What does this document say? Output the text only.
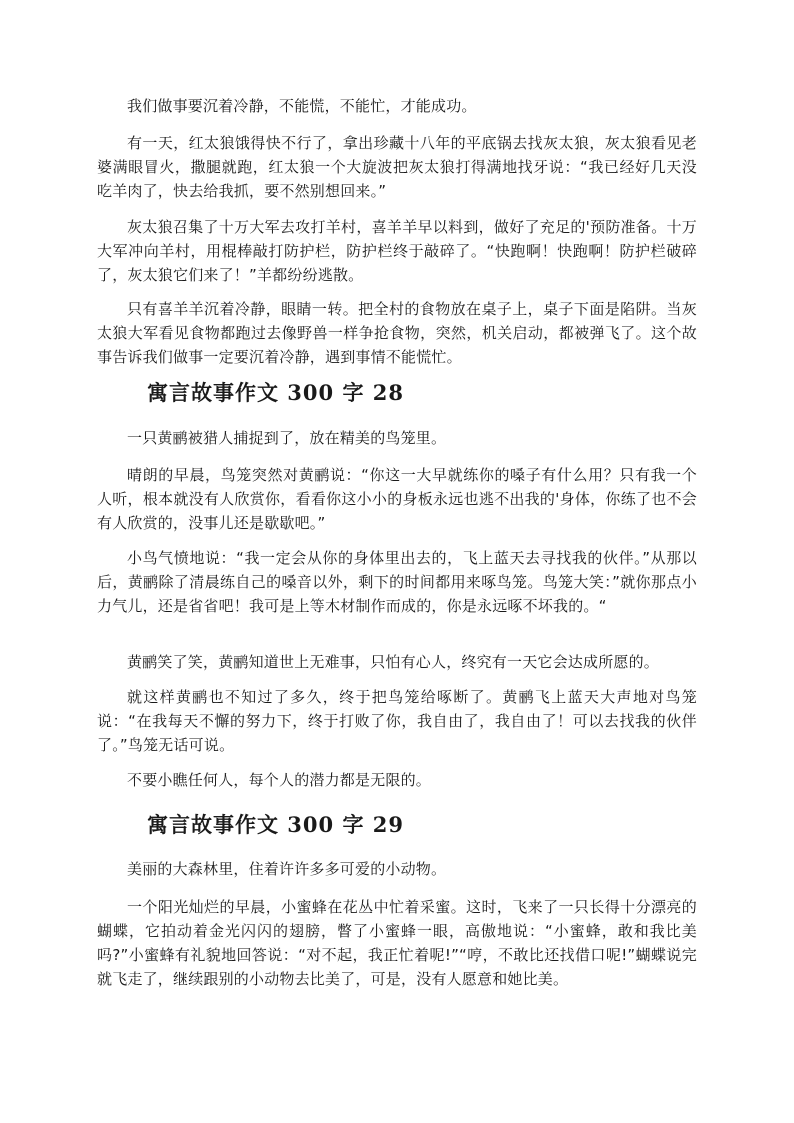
我们做事要沉着冷静，不能慌，不能忙，才能成功。

有一天，红太狼饿得快不行了，拿出珍藏十八年的平底锅去找灰太狼，灰太狼看见老婆满眼冒火，撒腿就跑，红太狼一个大旋波把灰太狼打得满地找牙说：“我已经好几天没吃羊肉了，快去给我抓，要不然别想回来。”

灰太狼召集了十万大军去攻打羊村，喜羊羊早以料到，做好了充足的'预防准备。十万大军冲向羊村，用棍棒敲打防护栏，防护栏终于敲碎了。“快跑啊！快跑啊！防护栏破碎了，灰太狼它们来了！”羊都纷纷逃散。

只有喜羊羊沉着冷静，眼睛一转。把全村的食物放在桌子上，桌子下面是陷阱。当灰太狼大军看见食物都跑过去像野兽一样争抢食物，突然，机关启动，都被弹飞了。这个故事告诉我们做事一定要沉着冷静，遇到事情不能慌忙。

寓言故事作文 300 字 28

一只黄鹂被猎人捕捉到了，放在精美的鸟笼里。

晴朗的早晨，鸟笼突然对黄鹂说：“你这一大早就练你的嗓子有什么用？只有我一个人听，根本就没有人欣赏你，看看你这小小的身板永远也逃不出我的'身体，你练了也不会有人欣赏的，没事儿还是歇歇吧。”

小鸟气愤地说：“我一定会从你的身体里出去的，飞上蓝天去寻找我的伙伴。”从那以后，黄鹂除了清晨练自己的嗓音以外，剩下的时间都用来啄鸟笼。鸟笼大笑：”就你那点小力气儿，还是省省吧！我可是上等木材制作而成的，你是永远啄不坏我的。“

黄鹂笑了笑，黄鹂知道世上无难事，只怕有心人，终究有一天它会达成所愿的。

就这样黄鹂也不知过了多久，终于把鸟笼给啄断了。黄鹂飞上蓝天大声地对鸟笼说：“在我每天不懈的努力下，终于打败了你，我自由了，我自由了！可以去找我的伙伴了。”鸟笼无话可说。

不要小瞧任何人，每个人的潜力都是无限的。

寓言故事作文 300 字 29

美丽的大森林里，住着许许多多可爱的小动物。

一个阳光灿烂的早晨，小蜜蜂在花丛中忙着采蜜。这时，飞来了一只长得十分漂亮的蝴蝶，它拍动着金光闪闪的翅膀，瞥了小蜜蜂一眼，高傲地说：“小蜜蜂，敢和我比美吗?”小蜜蜂有礼貌地回答说：“对不起，我正忙着呢!”“哼，不敢比还找借口呢!”蝴蝶说完就飞走了，继续跟别的小动物去比美了，可是，没有人愿意和她比美。
